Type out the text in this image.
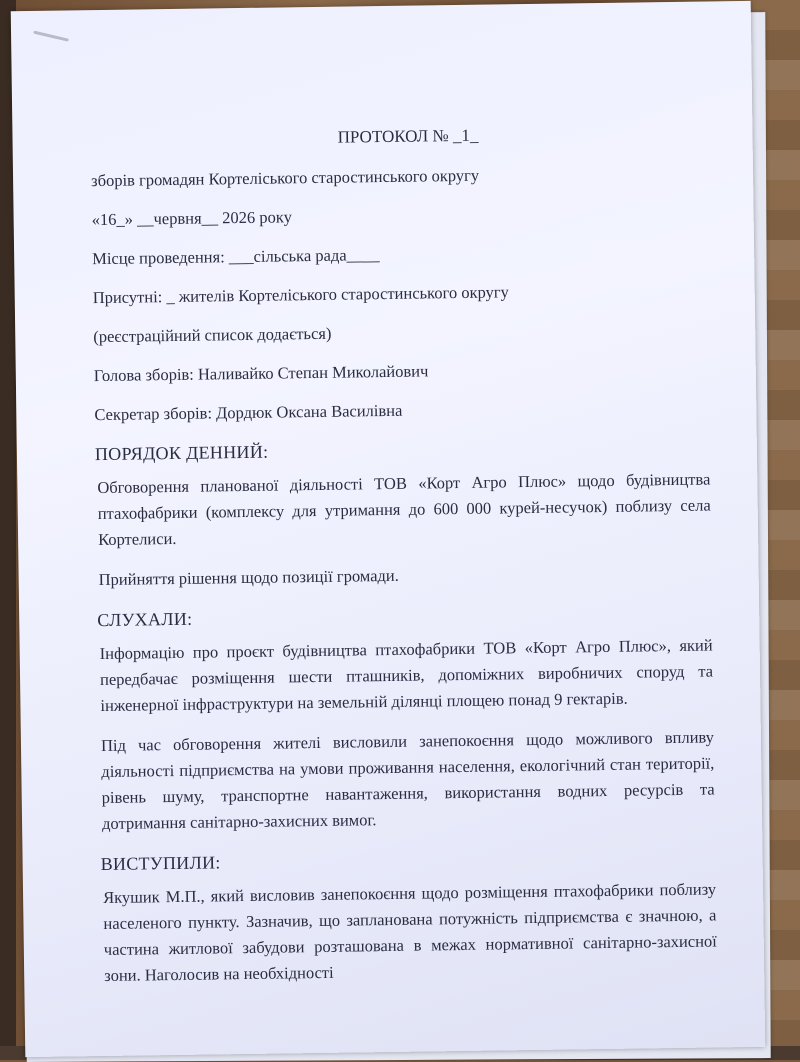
ПРОТОКОЛ № _1_
зборів громадян Кортеліського старостинського округу
«16_» __червня__ 2026 року
Місце проведення: ___сільська рада____
Присутні: _ жителів Кортеліського старостинського округу
(реєстраційний список додається)
Голова зборів: Наливайко Степан Миколайович
Секретар зборів: Дордюк Оксана Василівна
ПОРЯДОК ДЕННИЙ:
Обговорення планованої діяльності ТОВ «Корт Агро Плюс» щодо будівництва птахофабрики (комплексу для утримання до 600 000 курей-несучок) поблизу села Кортелиси.
Прийняття рішення щодо позиції громади.
СЛУХАЛИ:
Інформацію про проєкт будівництва птахофабрики ТОВ «Корт Агро Плюс», який передбачає розміщення шести пташників, допоміжних виробничих споруд та інженерної інфраструктури на земельній ділянці площею понад 9 гектарів.
Під час обговорення жителі висловили занепокоєння щодо можливого впливу діяльності підприємства на умови проживання населення, екологічний стан території, рівень шуму, транспортне навантаження, використання водних ресурсів та дотримання санітарно-захисних вимог.
ВИСТУПИЛИ:
Якушик М.П., який висловив занепокоєння щодо розміщення птахофабрики поблизу населеного пункту. Зазначив, що запланована потужність підприємства є значною, а частина житлової забудови розташована в межах нормативної санітарно-захисної зони. Наголосив на необхідності
